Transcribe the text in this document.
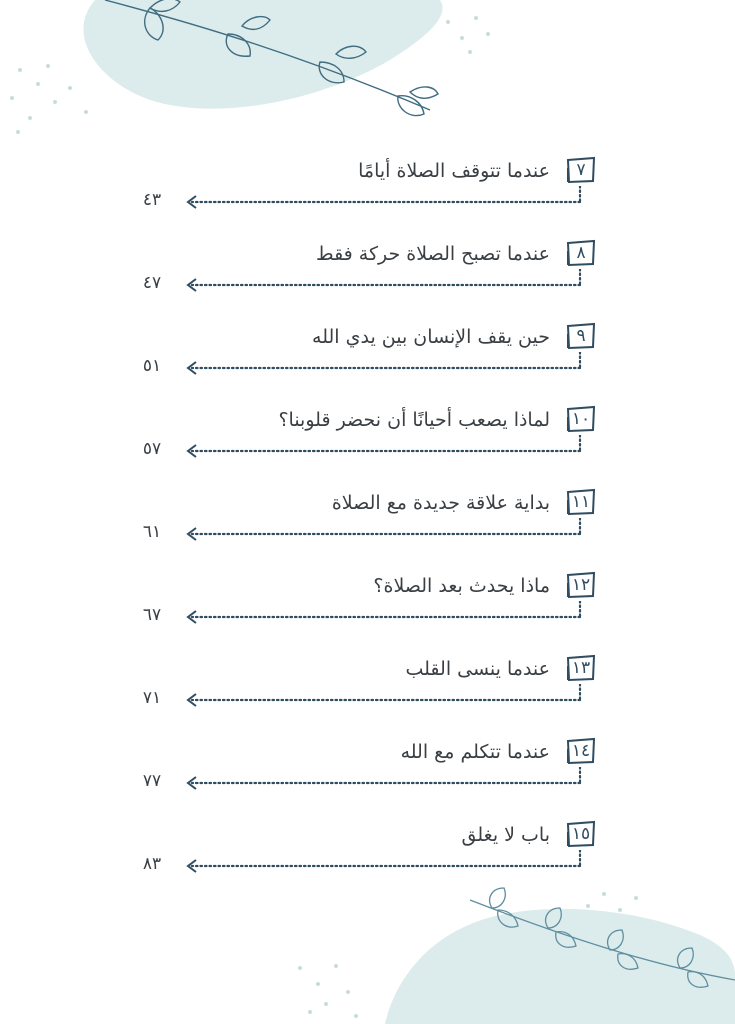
٧
عندما تتوقف الصلاة أيامًا
٤٣
٨
عندما تصبح الصلاة حركة فقط
٤٧
٩
حين يقف الإنسان بين يدي الله
٥١
١٠
لماذا يصعب أحيانًا أن نحضر قلوبنا؟
٥٧
١١
بداية علاقة جديدة مع الصلاة
٦١
١٢
ماذا يحدث بعد الصلاة؟
٦٧
١٣
عندما ينسى القلب
٧١
١٤
عندما تتكلم مع الله
٧٧
١٥
باب لا يغلق
٨٣
